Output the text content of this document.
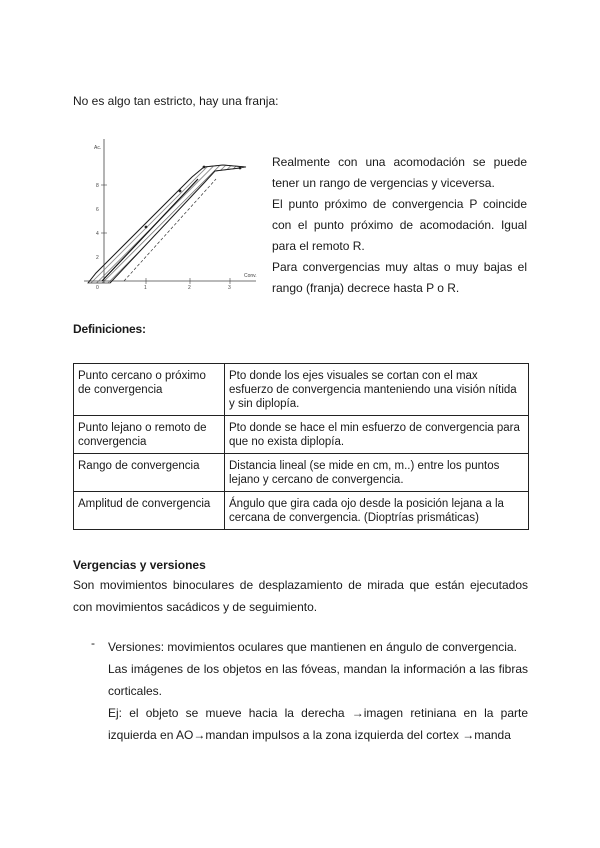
No es algo tan estricto, hay una franja:
Ac.
Conv.
8
4
1	2	3
0
6
2

Realmente con una acomodación se puede tener un rango de vergencias y viceversa.

El punto próximo de convergencia P coincide con el punto próximo de acomodación. Igual para el remoto R.

Para convergencias muy altas o muy bajas el rango (franja) decrece hasta P o R.

Definiciones:
Punto cercano o próximo de convergencia	Pto donde los ejes visuales se cortan con el max esfuerzo de convergencia manteniendo una visión nítida y sin diplopía.
Punto lejano o remoto de convergencia	Pto donde se hace el min esfuerzo de convergencia para que no exista diplopía.
Rango de convergencia	Distancia lineal (se mide en cm, m..) entre los puntos lejano y cercano de convergencia.
Amplitud de convergencia	Ángulo que gira cada ojo desde la posición lejana a la cercana de convergencia. (Dioptrías prismáticas)
Vergencias y versiones
Son movimientos binoculares de desplazamiento de mirada que están ejecutados con movimientos sacádicos y de seguimiento.
- Versiones: movimientos oculares que mantienen en ángulo de convergencia.

Las imágenes de los objetos en las fóveas, mandan la información a las fibras corticales.

Ej: el objeto se mueve hacia la derecha →imagen retiniana en la parte izquierda en AO→mandan impulsos a la zona izquierda del cortex →manda
